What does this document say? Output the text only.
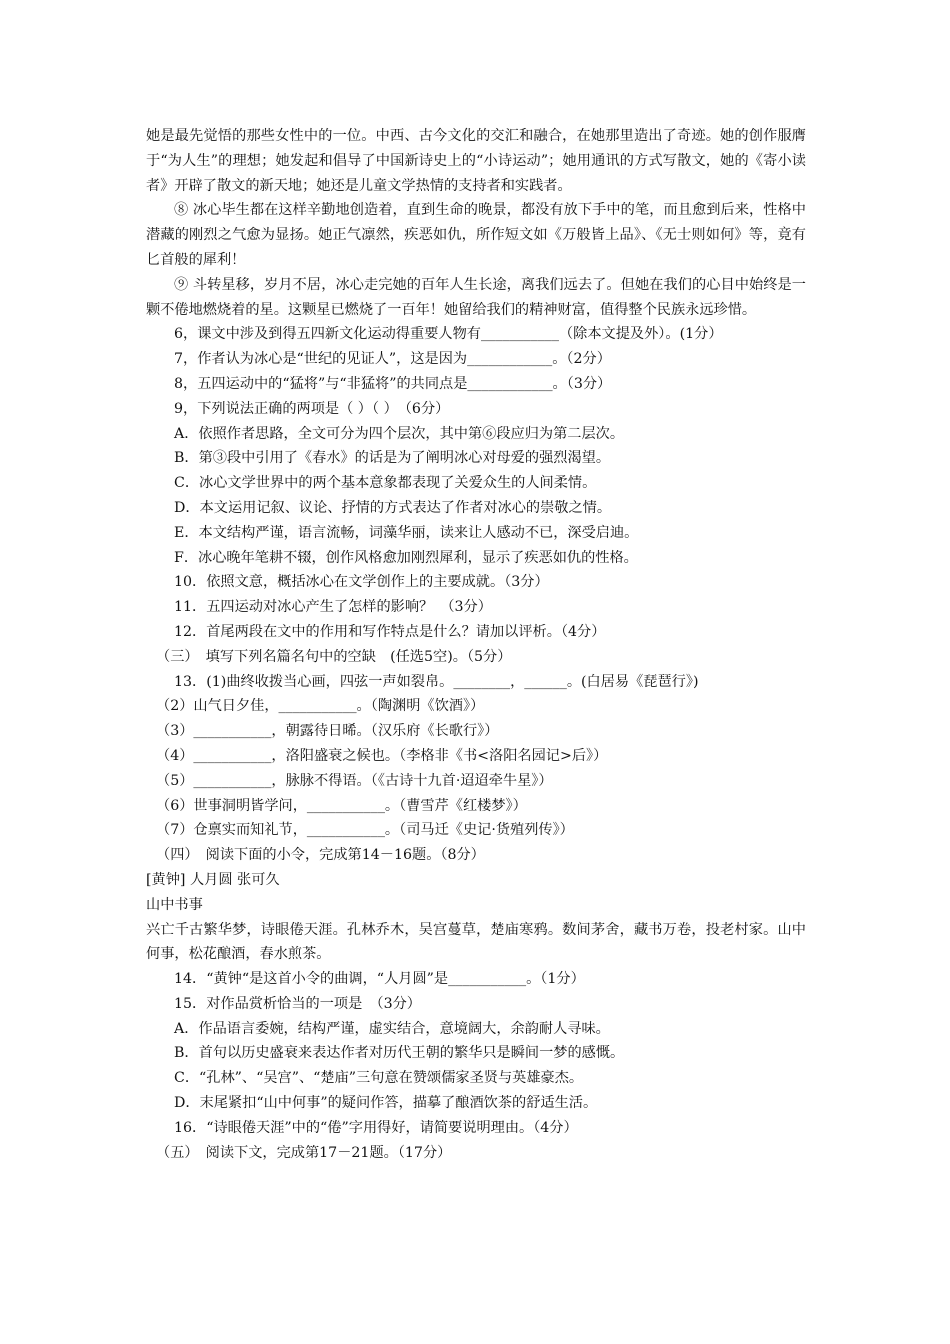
她是最先觉悟的那些女性中的一位。中西、古今文化的交汇和融合，在她那里造出了奇迹。她的创作服膺于“为人生”的理想；她发起和倡导了中国新诗史上的“小诗运动”；她用通讯的方式写散文，她的《寄小读者》开辟了散文的新天地；她还是儿童文学热情的支持者和实践者。

⑧ 冰心毕生都在这样辛勤地创造着，直到生命的晚景，都没有放下手中的笔，而且愈到后来，性格中潜藏的刚烈之气愈为显扬。她正气凛然，疾恶如仇，所作短文如《万般皆上品》、《无士则如何》等，竟有匕首般的犀利！

⑨ 斗转星移，岁月不居，冰心走完她的百年人生长途，离我们远去了。但她在我们的心目中始终是一颗不倦地燃烧着的星。这颗星已燃烧了一百年！她留给我们的精神财富，值得整个民族永远珍惜。

6，课文中涉及到得五四新文化运动得重要人物有___________（除本文提及外）。(1分）

7，作者认为冰心是“世纪的见证人”，这是因为____________。（2分）

8，五四运动中的“猛将”与“非猛将”的共同点是____________。（3分）

9，下列说法正确的两项是（ ）（ ）　（6分）

A．依照作者思路，全文可分为四个层次，其中第⑥段应归为第二层次。

B．第③段中引用了《春水》的话是为了阐明冰心对母爱的强烈渴望。

C．冰心文学世界中的两个基本意象都表现了关爱众生的人间柔情。

D．本文运用记叙、议论、抒情的方式表达了作者对冰心的崇敬之情。

E．本文结构严谨，语言流畅，词藻华丽，读来让人感动不已，深受启迪。

F．冰心晚年笔耕不辍，创作风格愈加刚烈犀利，显示了疾恶如仇的性格。

10．依照文意，概括冰心在文学创作上的主要成就。（3分）

11．五四运动对冰心产生了怎样的影响？　（3分）

12．首尾两段在文中的作用和写作特点是什么？请加以评析。（4分）

（三）　填写下列名篇名句中的空缺　(任选5空)。（5分）

13．(1)曲终收拨当心画，四弦一声如裂帛。________，______。(白居易《琵琶行》)

（2）山气日夕佳，___________。（陶渊明《饮酒》）

（3）___________，朝露待日晞。（汉乐府《长歌行》）

（4）___________，洛阳盛衰之候也。（李格非《书<洛阳名园记>后》）

（5）___________，脉脉不得语。（《古诗十九首·迢迢牵牛星》）

（6）世事洞明皆学问，___________。（曹雪芹《红楼梦》）

（7）仓禀实而知礼节，___________。（司马迁《史记·货殖列传》）

（四）　阅读下面的小令，完成第14－16题。（8分）

[黄钟] 人月圆 张可久

山中书事

兴亡千古繁华梦，诗眼倦天涯。孔林乔木，吴宫蔓草，楚庙寒鸦。数间茅舍，藏书万卷，投老村家。山中何事，松花酿酒，春水煎茶。

14．“黄钟“是这首小令的曲调，“人月圆”是___________。（1分）

15．对作品赏析恰当的一项是　（3分）

A．作品语言委婉，结构严谨，虚实结合，意境阔大，余韵耐人寻味。

B．首句以历史盛衰来表达作者对历代王朝的繁华只是瞬间一梦的感慨。

C．“孔林”、“吴宫”、“楚庙”三句意在赞颂儒家圣贤与英雄豪杰。

D．末尾紧扣“山中何事”的疑问作答，描摹了酿酒饮茶的舒适生活。

16．“诗眼倦天涯”中的“倦”字用得好，请简要说明理由。（4分）

（五）　阅读下文，完成第17－21题。（17分）
